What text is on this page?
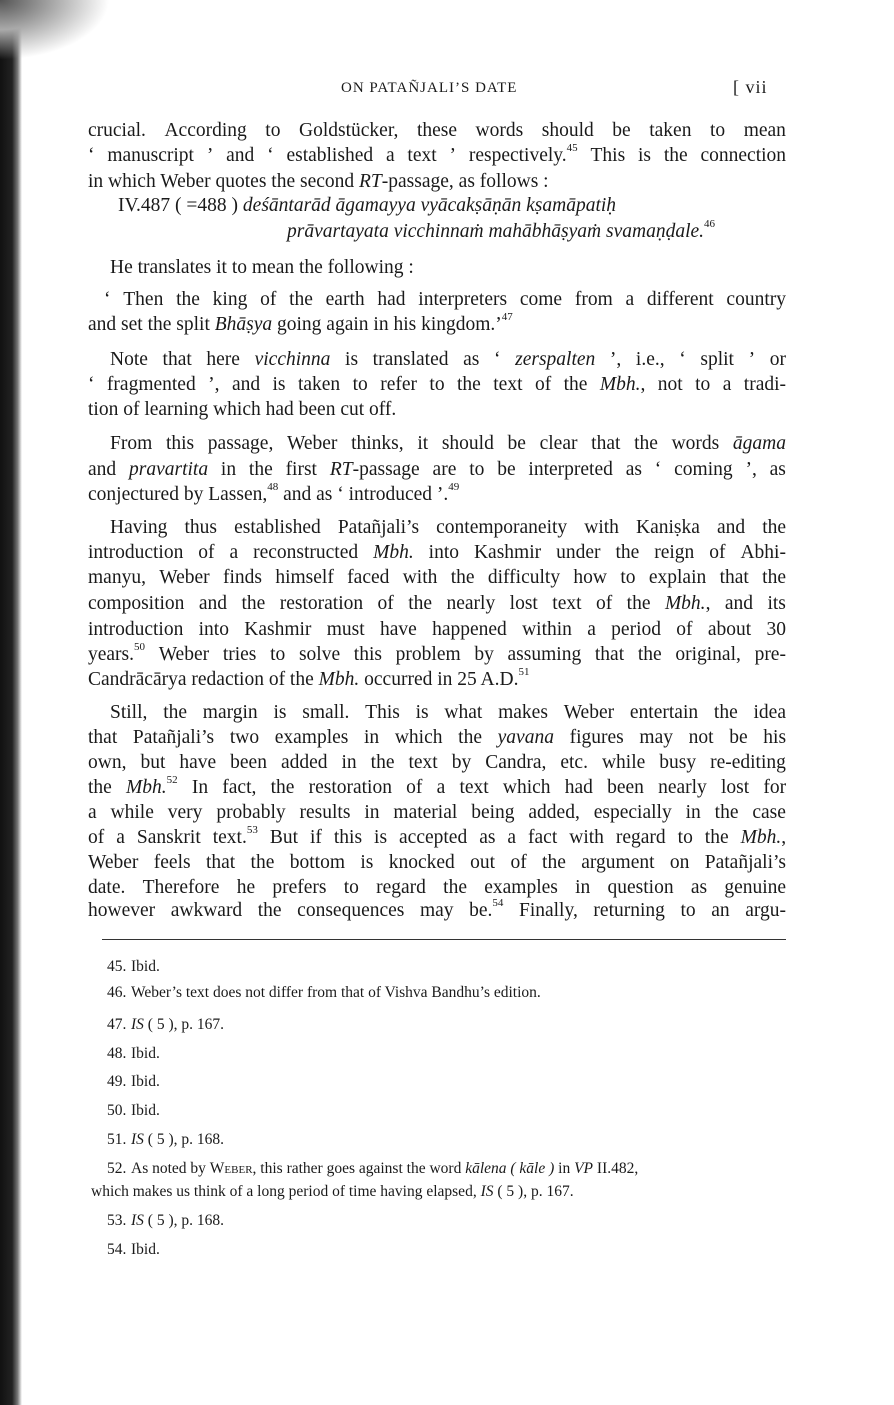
ON PATAÑJALI’S DATE	[ vii
crucial.
According
to
Goldstücker,
these
words
should
be
taken
to
mean
‘
manuscript
’
and
‘
established
a
text
’
respectively. 45
This
is
the
connection
in which Weber quotes the second RT -passage, as follows :
IV.487 ( =488 ) deśāntarād āgamayya vyācakṣāṇān kṣamāpatiḥ
prāvartayata vicchinnaṁ mahābhāṣyaṁ svamaṇḍale. 46
He translates it to mean the following :
‘
Then
the
king
of
the
earth
had
interpreters
come
from
a
different
country
and set the split Bhāṣya going again in his kingdom.’ 47
Note
that
here
vicchinna
is
translated
as
‘
zerspalten
’,
i.e.,
‘
split
’
or
‘
fragmented
’,
and
is
taken
to
refer
to
the
text
of
the
Mbh. ,
not
to
a
tradi-
tion of learning which had been cut off.
From
this
passage,
Weber
thinks,
it
should
be
clear
that
the
words
āgama
and
pravartita
in
the
first
RT -passage
are
to
be
interpreted
as
‘
coming
’,
as
conjectured by Lassen, 48 and as ‘ introduced ’. 49
Having
thus
established
Patañjali’s
contemporaneity
with
Kaniṣka
and
the
introduction
of
a
reconstructed
Mbh.
into
Kashmir
under
the
reign
of
Abhi-
manyu,
Weber
finds
himself
faced
with
the
difficulty
how
to
explain
that
the
composition
and
the
restoration
of
the
nearly
lost
text
of
the
Mbh. ,
and
its
introduction
into
Kashmir
must
have
happened
within
a
period
of
about
30
years. 50
Weber
tries
to
solve
this
problem
by
assuming
that
the
original,
pre-
Candrācārya redaction of the Mbh. occurred in 25 A.D. 51
Still,
the
margin
is
small.
This
is
what
makes
Weber
entertain
the
idea
that
Patañjali’s
two
examples
in
which
the
yavana
figures
may
not
be
his
own,
but
have
been
added
in
the
text
by
Candra,
etc.
while
busy
re-editing
the
Mbh. 52
In
fact,
the
restoration
of
a
text
which
had
been
nearly
lost
for
a
while
very
probably
results
in
material
being
added,
especially
in
the
case
of
a
Sanskrit
text. 53
But
if
this
is
accepted
as
a
fact
with
regard
to
the
Mbh. ,
Weber
feels
that
the
bottom
is
knocked
out
of
the
argument
on
Patañjali’s
date.
Therefore
he
prefers
to
regard
the
examples
in
question
as
genuine
however
awkward
the
consequences
may
be. 54
Finally,
returning
to
an
argu-
45. Ibid.
46. Weber’s text does not differ from that of Vishva Bandhu’s edition.
47. IS ( 5 ), p. 167.
48. Ibid.
49. Ibid.
50. Ibid.
51. IS ( 5 ), p. 168.
52. As noted by Weber, this rather goes against the word kālena ( kāle ) in VP II.482,
which makes us think of a long period of time having elapsed, IS ( 5 ), p. 167.
53. IS ( 5 ), p. 168.
54. Ibid.
